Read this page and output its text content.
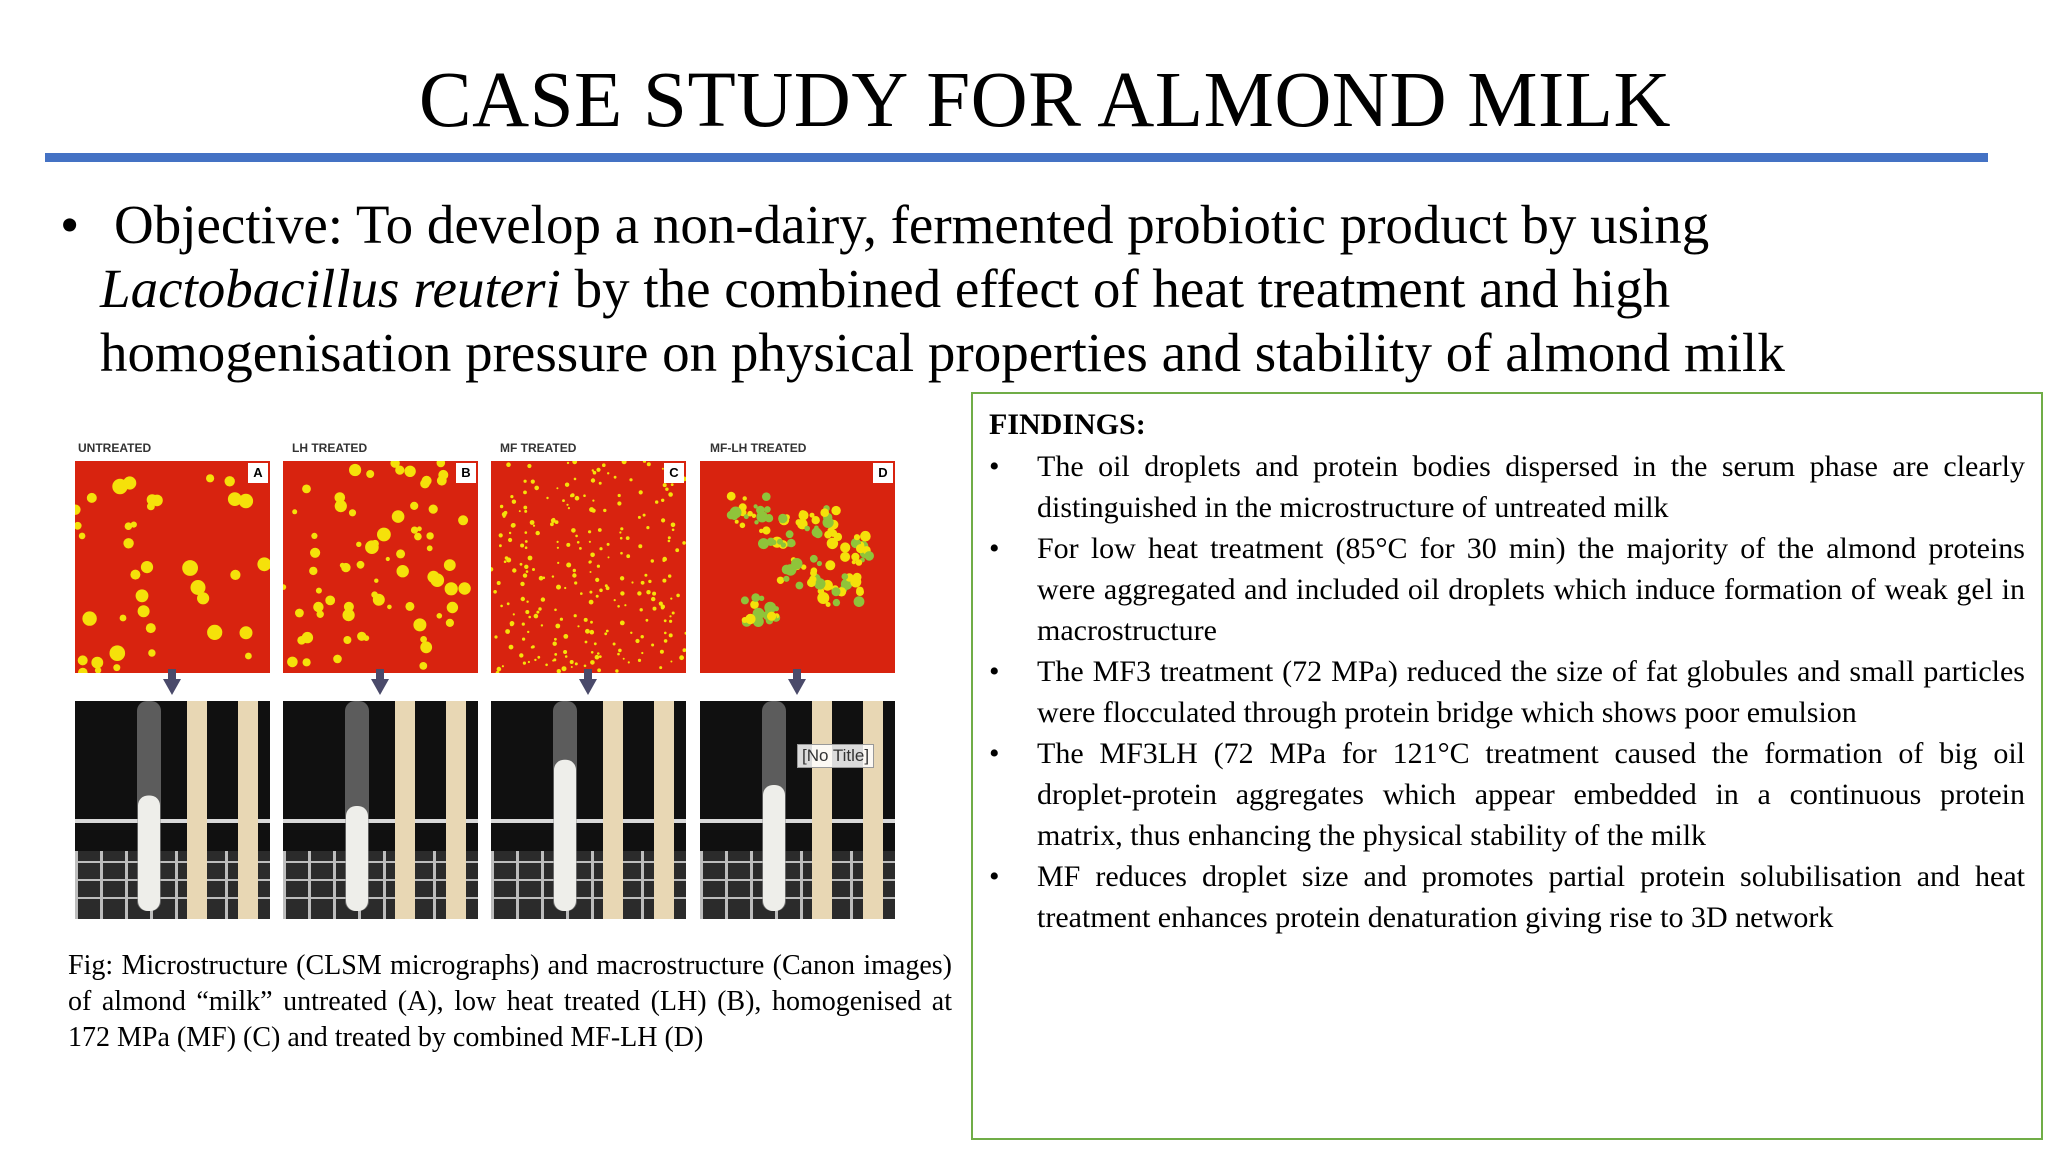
CASE STUDY FOR ALMOND MILK
• Objective: To develop a non-dairy, fermented probiotic product by using
Lactobacillus reuteri by the combined effect of heat treatment and high
homogenisation pressure on physical properties and stability of almond milk
UNTREATED	LH TREATED	MF TREATED	MF-LH TREATED
A	B	C	D
[No Title]
Fig: Microstructure (CLSM micrographs) and macrostructure (Canon images) of almond “milk” untreated (A), low heat treated (LH) (B), homogenised at 172 MPa (MF) (C) and treated by combined MF-LH (D)
FINDINGS:
• The oil droplets and protein bodies dispersed in the serum phase are clearly distinguished in the microstructure of untreated milk
• For low heat treatment (85°C for 30 min) the majority of the almond proteins were aggregated and included oil droplets which induce formation of weak gel in macrostructure
• The MF3 treatment (72 MPa) reduced the size of fat globules and small particles were flocculated through protein bridge which shows poor emulsion
• The MF3LH (72 MPa for 121°C treatment caused the formation of big oil droplet-protein aggregates which appear embedded in a continuous protein matrix, thus enhancing the physical stability of the milk
• MF reduces droplet size and promotes partial protein solubilisation and heat treatment enhances protein denaturation giving rise to 3D network
